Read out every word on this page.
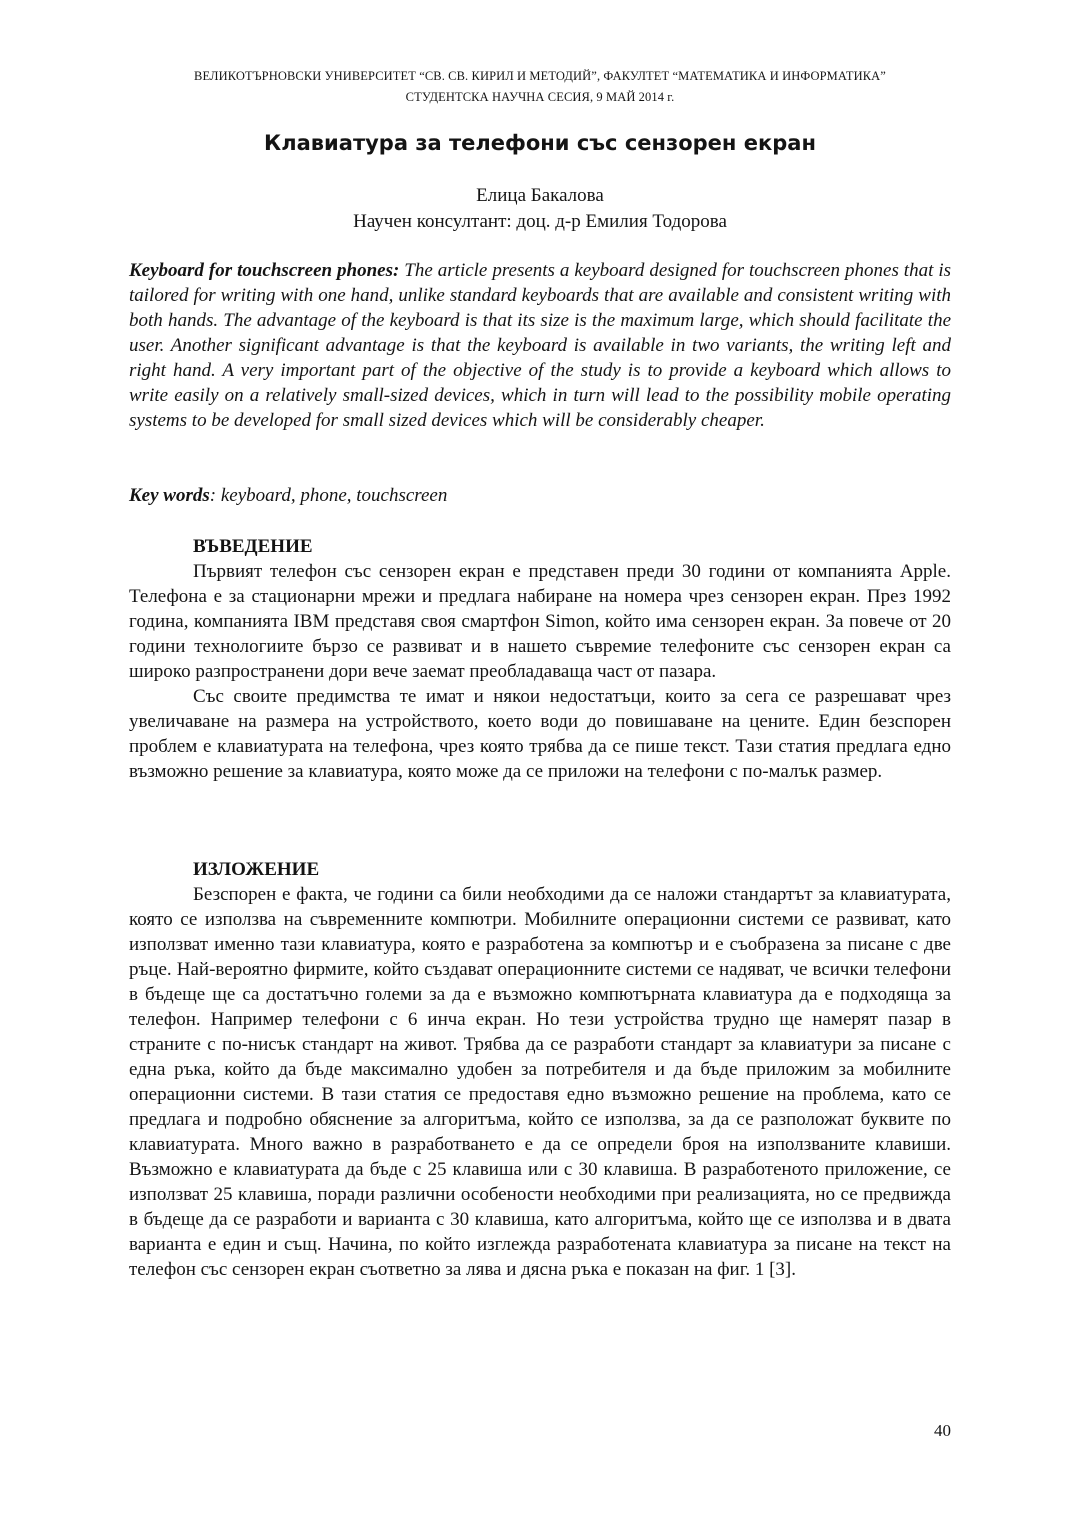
ВЕЛИКОТЪРНОВСКИ УНИВЕРСИТЕТ “СВ. СВ. КИРИЛ И МЕТОДИЙ”, ФАКУЛТЕТ “МАТЕМАТИКА И ИНФОРМАТИКА”
СТУДЕНТСКА НАУЧНА СЕСИЯ, 9 МАЙ 2014 г.
Клавиатура за телефони със сензорен екран
Елица Бакалова
Научен консултант: доц. д-р Емилия Тодорова
Keyboard for touchscreen phones: The article presents a keyboard designed for touchscreen phones that is tailored for writing with one hand, unlike standard keyboards that are available and consistent writing with both hands. The advantage of the keyboard is that its size is the maximum large, which should facilitate the user. Another significant advantage is that the keyboard is available in two variants, the writing left and right hand. A very important part of the objective of the study is to provide a keyboard which allows to write easily on a relatively small-sized devices, which in turn will lead to the possibility mobile operating systems to be developed for small sized devices which will be considerably cheaper.
Key words: keyboard, phone, touchscreen
ВЪВЕДЕНИЕ

Първият телефон със сензорен екран е представен преди 30 години от компанията Apple. Телефона е за стационарни мрежи и предлага набиране на номера чрез сензорен екран. През 1992 година, компанията IBM представя своя смартфон Simon, който има сензорен екран. За повече от 20 години технологиите бързо се развиват и в нашето съвремие телефоните със сензорен екран са широко разпространени дори вече заемат преобладаваща част от пазара.

Със своите предимства те имат и някои недостатъци, които за сега се разрешават чрез увеличаване на размера на устройството, което води до повишаване на цените. Един безспорен проблем е клавиатурата на телефона, чрез която трябва да се пише текст. Тази статия предлага едно възможно решение за клавиатура, която може да се приложи на телефони с по-малък размер.

ИЗЛОЖЕНИЕ

Безспорен е факта, че години са били необходими да се наложи стандартът за клавиатурата, която се използва на съвременните компютри. Мобилните операционни системи се развиват, като използват именно тази клавиатура, която е разработена за компютър и е съобразена за писане с две ръце. Най-вероятно фирмите, който създават операционните системи се надяват, че всички телефони в бъдеще ще са достатъчно големи за да е възможно компютърната клавиатура да е подходяща за телефон. Например телефони с 6 инча екран. Но тези устройства трудно ще намерят пазар в страните с по-нисък стандарт на живот. Трябва да се разработи стандарт за клавиатури за писане с една ръка, който да бъде максимално удобен за потребителя и да бъде приложим за мобилните операционни системи. В тази статия се предоставя едно възможно решение на проблема, като се предлага и подробно обяснение за алгоритъма, който се използва, за да се разположат буквите по клавиатурата. Много важно в разработването е да се определи броя на използваните клавиши. Възможно е клавиатурата да бъде с 25 клавиша или с 30 клавиша. В разработеното приложение, се използват 25 клавиша, поради различни особености необходими при реализацията, но се предвижда в бъдеще да се разработи и варианта с 30 клавиша, като алгоритъма, който ще се използва и в двата варианта е един и същ. Начина, по който изглежда разработената клавиатура за писане на текст на телефон със сензорен екран съответно за лява и дясна ръка е показан на фиг. 1 [3].

40
